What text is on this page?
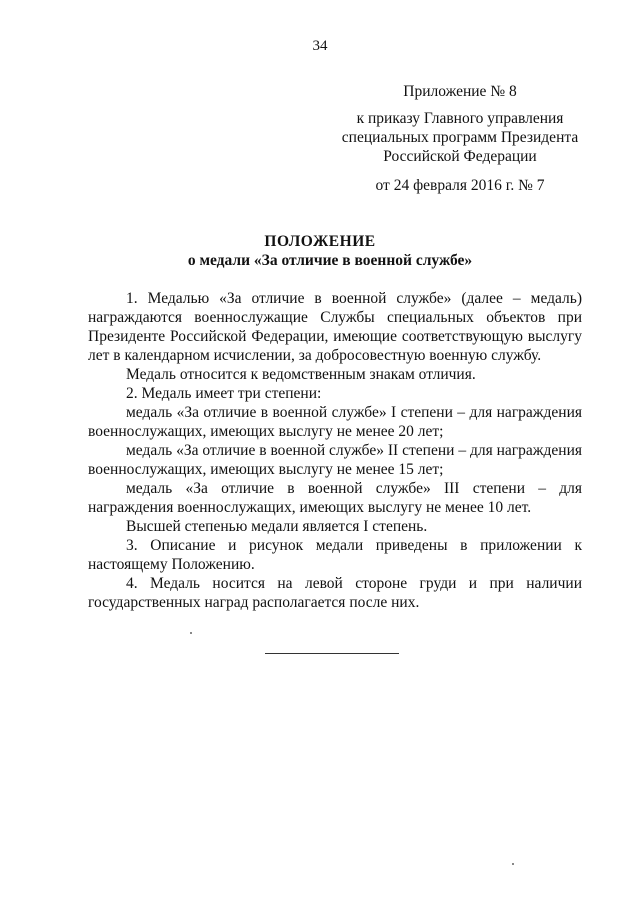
34
Приложение № 8
к приказу Главного управления
специальных программ Президента
Российской Федерации
от 24 февраля 2016 г. № 7
ПОЛОЖЕНИЕ
о медали «За отличие в военной службе»

1. Медалью «За отличие в военной службе» (далее – медаль) награждаются военнослужащие Службы специальных объектов при Президенте Российской Федерации, имеющие соответствующую выслугу лет в календарном исчислении, за добросовестную военную службу.

Медаль относится к ведомственным знакам отличия.

2. Медаль имеет три степени:

медаль «За отличие в военной службе» I степени – для награждения военнослужащих, имеющих выслугу не менее 20 лет;

медаль «За отличие в военной службе» II степени – для награждения военнослужащих, имеющих выслугу не менее 15 лет;

медаль «За отличие в военной службе» III степени – для награждения военнослужащих, имеющих выслугу не менее 10 лет.

Высшей степенью медали является I степень.

3. Описание и рисунок медали приведены в приложении к настоящему Положению.

4. Медаль носится на левой стороне груди и при наличии государственных наград располагается после них.
